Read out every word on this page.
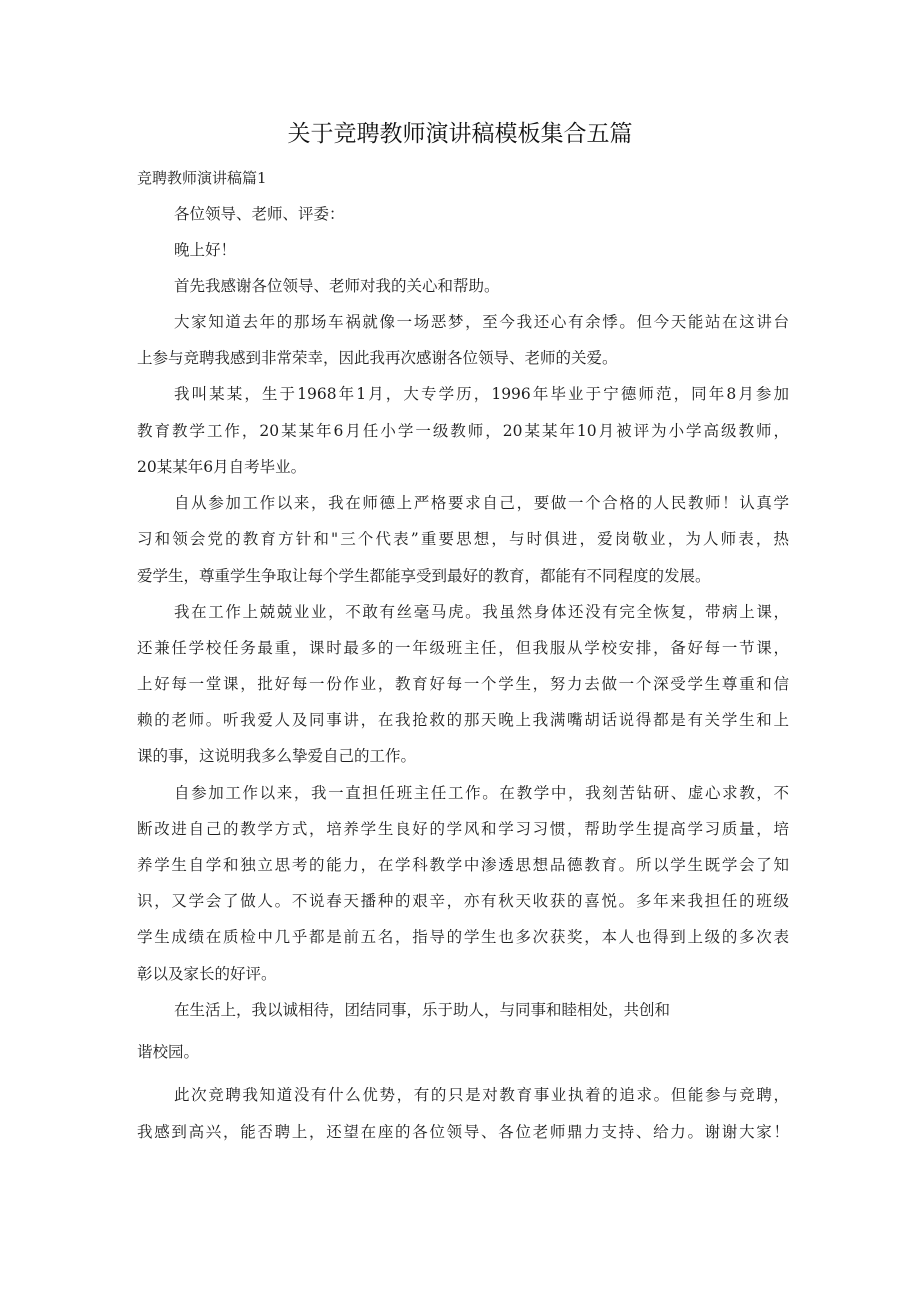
关于竞聘教师演讲稿模板集合五篇
竞聘教师演讲稿篇1
各位领导、老师、评委：
晚上好！
首先我感谢各位领导、老师对我的关心和帮助。
大家知道去年的那场车祸就像一场恶梦，至今我还心有余悸。但今天能站在这讲台
上参与竞聘我感到非常荣幸，因此我再次感谢各位领导、老师的关爱。
我叫某某，生于1968年1月，大专学历，1996年毕业于宁德师范，同年8月参加
教育教学工作，20某某年6月任小学一级教师，20某某年10月被评为小学高级教师，
20某某年6月自考毕业。
自从参加工作以来，我在师德上严格要求自己，要做一个合格的人民教师！认真学
习和领会党的教育方针和"三个代表”重要思想，与时俱进，爱岗敬业，为人师表，热
爱学生，尊重学生争取让每个学生都能享受到最好的教育，都能有不同程度的发展。
我在工作上兢兢业业，不敢有丝毫马虎。我虽然身体还没有完全恢复，带病上课，
还兼任学校任务最重，课时最多的一年级班主任，但我服从学校安排，备好每一节课，
上好每一堂课，批好每一份作业，教育好每一个学生，努力去做一个深受学生尊重和信
赖的老师。听我爱人及同事讲，在我抢救的那天晚上我满嘴胡话说得都是有关学生和上
课的事，这说明我多么挚爱自己的工作。
自参加工作以来，我一直担任班主任工作。在教学中，我刻苦钻研、虚心求教，不
断改进自己的教学方式，培养学生良好的学风和学习习惯，帮助学生提高学习质量，培
养学生自学和独立思考的能力，在学科教学中渗透思想品德教育。所以学生既学会了知
识，又学会了做人。不说春天播种的艰辛，亦有秋天收获的喜悦。多年来我担任的班级
学生成绩在质检中几乎都是前五名，指导的学生也多次获奖，本人也得到上级的多次表
彰以及家长的好评。
在生活上，我以诚相待，团结同事，乐于助人，与同事和睦相处，共创和
谐校园。
此次竞聘我知道没有什么优势，有的只是对教育事业执着的追求。但能参与竞聘，
我感到高兴，能否聘上，还望在座的各位领导、各位老师鼎力支持、给力。谢谢大家！
